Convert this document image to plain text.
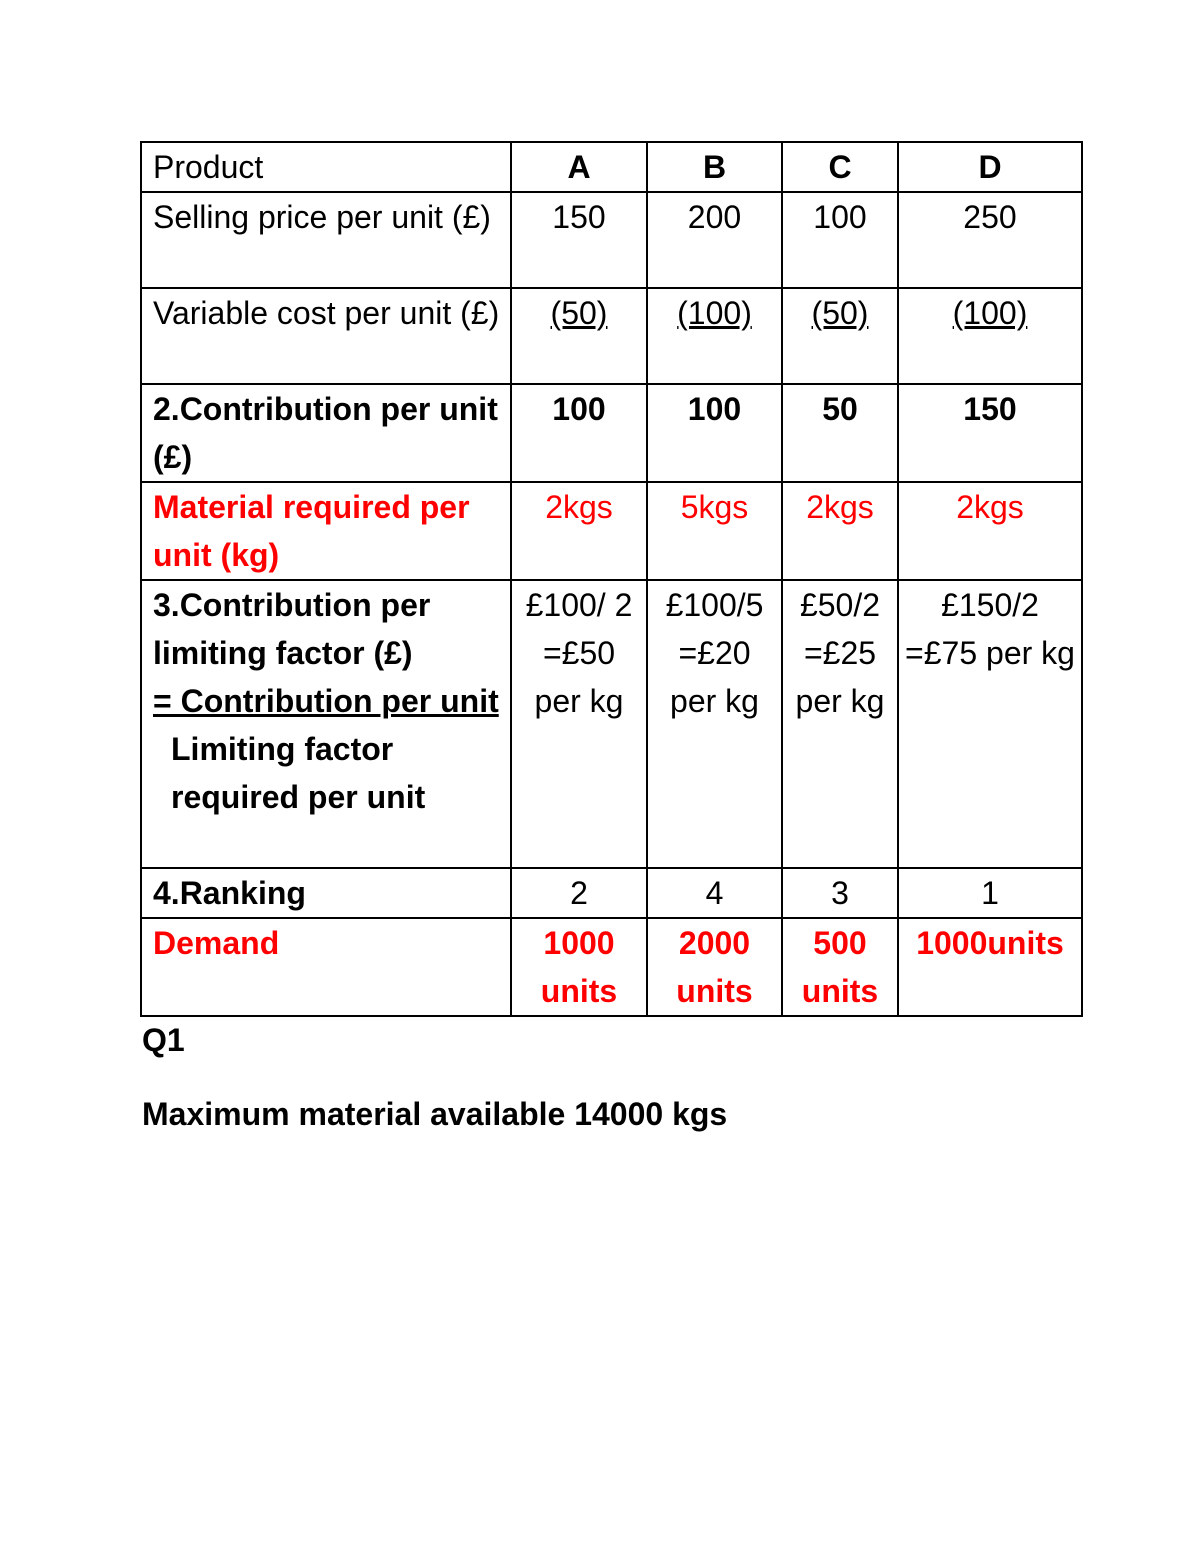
Product	A	B	C	D
Selling price per unit (£)	150	200	100	250
Variable cost per unit (£)	(50)	(100)	(50)	(100)
2.Contribution per unit (£)	100	100	50	150
Material required per unit (kg)	2kgs	5kgs	2kgs	2kgs

3.Contribution per limiting factor (£)
= Contribution per unit
Limiting factor required per unit	£100/ 2 =£50 per kg	£100/5 =£20 per kg	£50/2 =£25 per kg	£150/2 =£75 per kg
4.Ranking	2	4	3	1
Demand	1000 units	2000 units	500 units	1000units
Q1
Maximum material available 14000 kgs
